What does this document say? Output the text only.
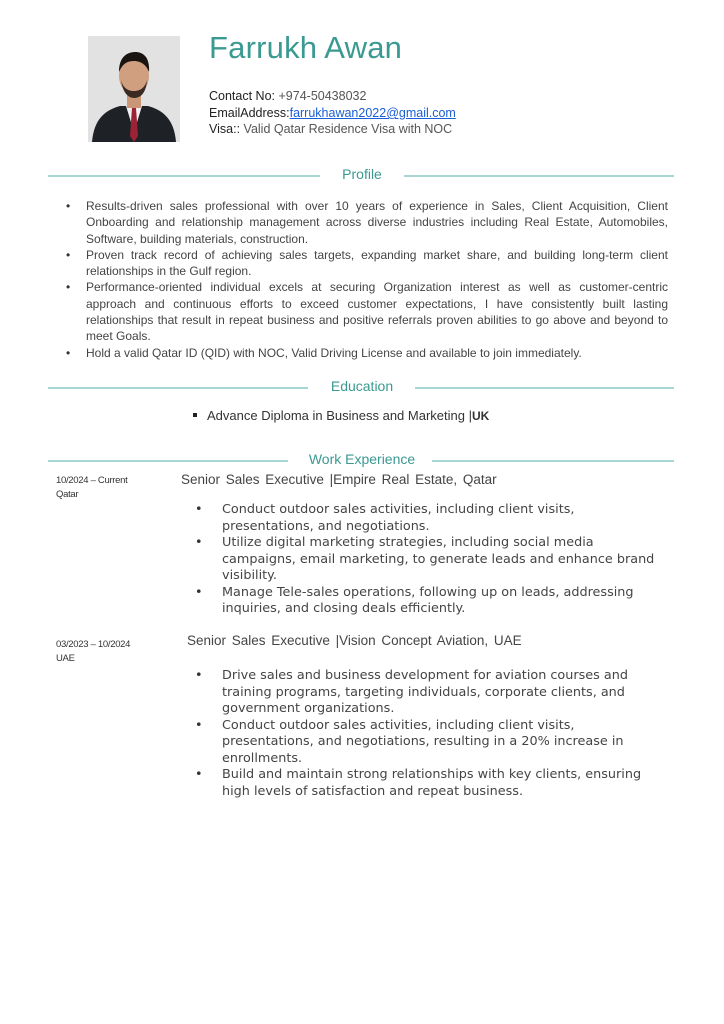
Farrukh Awan
Contact No: +974-50438032
EmailAddress:farrukhawan2022@gmail.com
Visa:: Valid Qatar Residence Visa with NOC
Profile
• Results-driven sales professional with over 10 years of experience in Sales, Client Acquisition, Client Onboarding and relationship management across diverse industries including Real Estate, Automobiles, Software, building materials, construction.
• Proven track record of achieving sales targets, expanding market share, and building long-term client relationships in the Gulf region.
• Performance-oriented individual excels at securing Organization interest as well as customer-centric approach and continuous efforts to exceed customer expectations, I have consistently built lasting relationships that result in repeat business and positive referrals proven abilities to go above and beyond to meet Goals.
• Hold a valid Qatar ID (QID) with NOC, Valid Driving License and available to join immediately.
Education
Advance Diploma in Business and Marketing |UK
Work Experience
10/2024 – Current
Qatar
Senior Sales Executive |Empire Real Estate, Qatar
• Conduct outdoor sales activities, including client visits, presentations, and negotiations.
• Utilize digital marketing strategies, including social media campaigns, email marketing, to generate leads and enhance brand visibility.
• Manage Tele-sales operations, following up on leads, addressing inquiries, and closing deals efficiently.
03/2023 – 10/2024
UAE
Senior Sales Executive |Vision Concept Aviation, UAE
• Drive sales and business development for aviation courses and training programs, targeting individuals, corporate clients, and government organizations.
• Conduct outdoor sales activities, including client visits, presentations, and negotiations, resulting in a 20% increase in enrollments.
• Build and maintain strong relationships with key clients, ensuring high levels of satisfaction and repeat business.
